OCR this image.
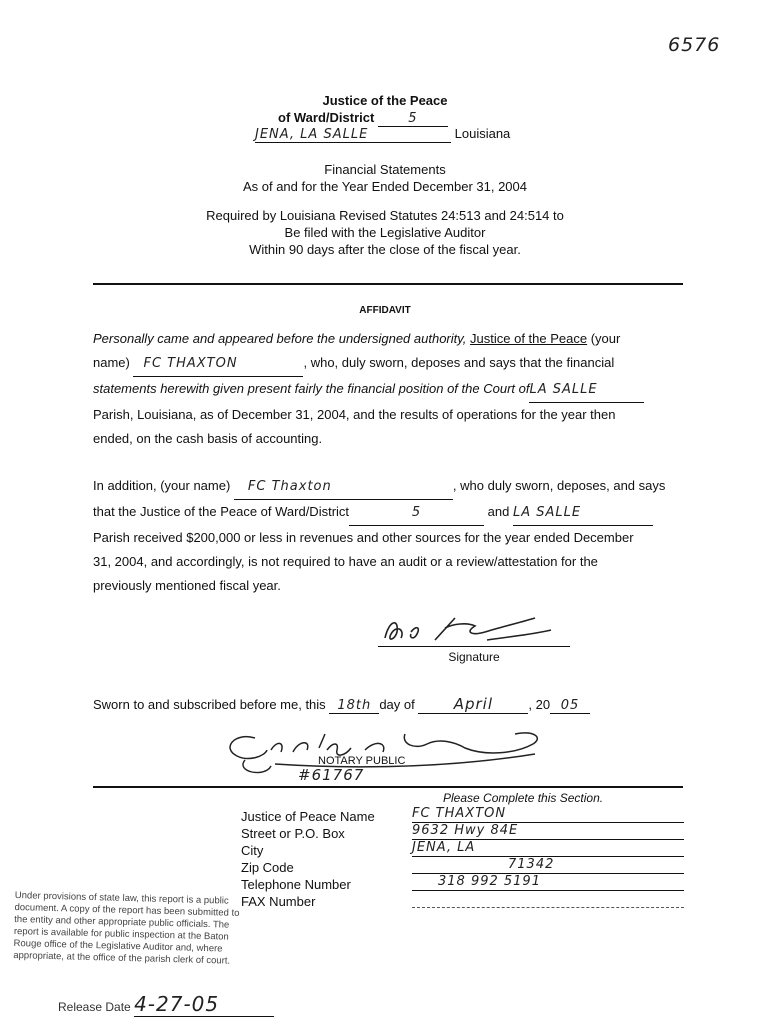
6576
Justice of the Peace
of Ward/District	5
JENA, LA SALLE	Louisiana
Financial Statements
As of and for the Year Ended December 31, 2004
Required by Louisiana Revised Statutes 24:513 and 24:514 to
Be filed with the Legislative Auditor
Within 90 days after the close of the fiscal year.
AFFIDAVIT
Personally came and appeared before the undersigned authority, Justice of the Peace (your
name) FC THAXTON	, who, duly sworn, deposes and says that the financial
statements herewith given present fairly the financial position of the Court ofLA SALLE
Parish, Louisiana, as of December 31, 2004, and the results of operations for the year then
ended, on the cash basis of accounting.
In addition, (your name) FC Thaxton	, who duly sworn, deposes, and says
that the Justice of the Peace of Ward/District	5	and LA SALLE
Parish received $200,000 or less in revenues and other sources for the year ended December
31, 2004, and accordingly, is not required to have an audit or a review/attestation for the
previously mentioned fiscal year.
Signature
Sworn to and subscribed before me, this 18th day of	April	, 20 05
NOTARY PUBLIC
#61767
Please Complete this Section.
Justice of Peace Name	FC THAXTON
Street or P.O. Box	9632 Hwy 84E
City	JENA, LA
Zip Code	71342
Telephone Number	318 992 5191
FAX Number
Under provisions of state law, this report is a public
document. A copy of the report has been submitted to
the entity and other appropriate public officials. The
report is available for public inspection at the Baton
Rouge office of the Legislative Auditor and, where
appropriate, at the office of the parish clerk of court.
Release Date 4-27-05
